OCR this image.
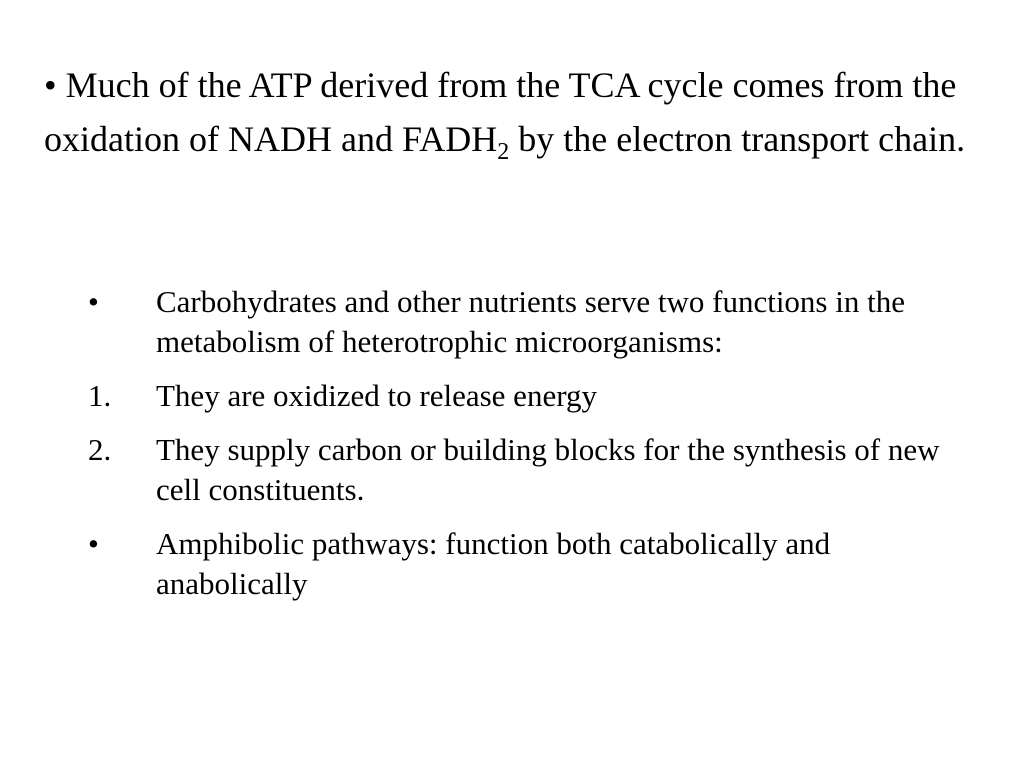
• Much of the ATP derived from the TCA cycle comes from the oxidation of NADH and $FADH_2$ by the electron transport chain.

•	Carbohydrates and other nutrients serve two functions in the metabolism of heterotrophic microorganisms:
1.	They are oxidized to release energy
2.	They supply carbon or building blocks for the synthesis of new cell constituents.
•	Amphibolic pathways: function both catabolically and anabolically
